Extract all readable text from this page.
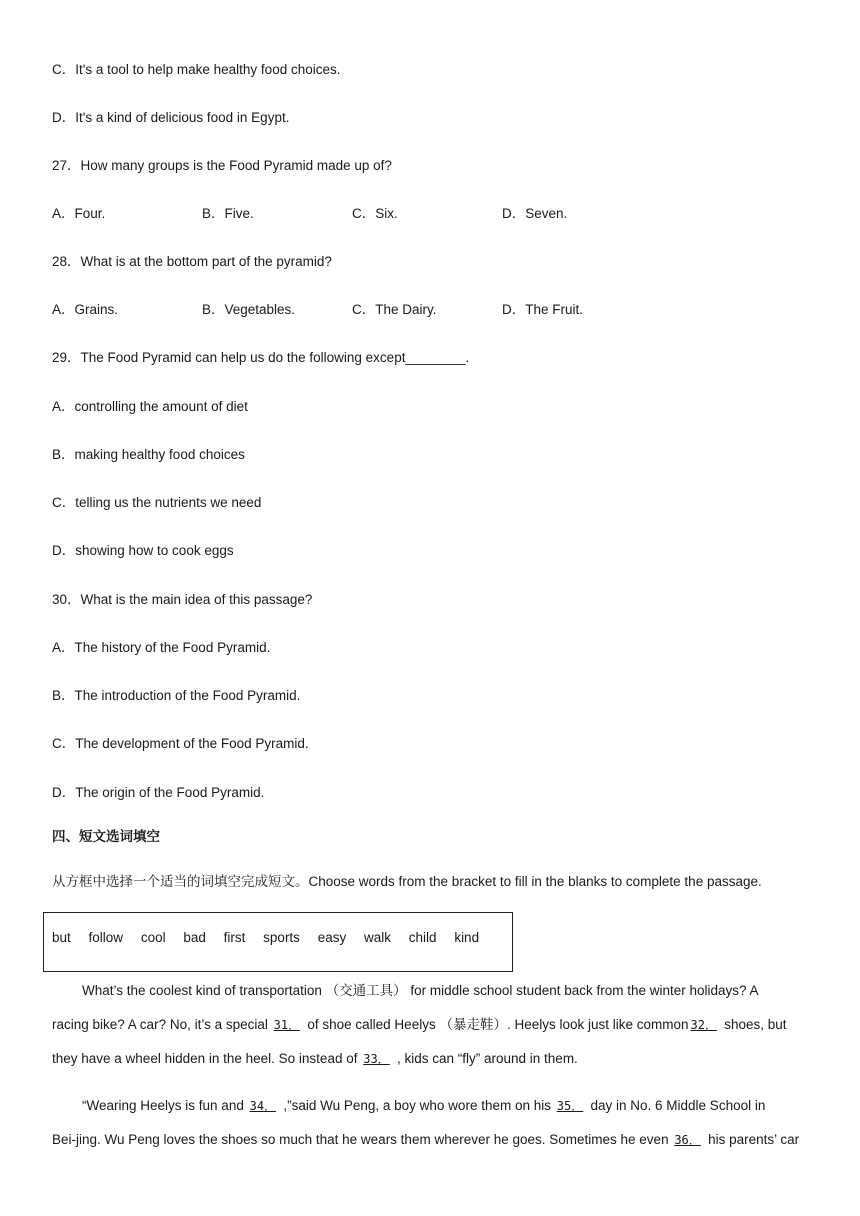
C．It's a tool to help make healthy food choices.
D．It's a kind of delicious food in Egypt.
27．How many groups is the Food Pyramid made up of?
A．Four.	B．Five.	C．Six.	D．Seven.
28．What is at the bottom part of the pyramid?
A．Grains.	B．Vegetables.	C．The Dairy.	D．The Fruit.
29．The Food Pyramid can help us do the following except________.
A．controlling the amount of diet
B．making healthy food choices
C．telling us the nutrients we need
D．showing how to cook eggs
30．What is the main idea of this passage?
A．The history of the Food Pyramid.
B．The introduction of the Food Pyramid.
C．The development of the Food Pyramid.
D．The origin of the Food Pyramid.
四、短文选词填空
从方框中选择一个适当的词填空完成短文。Choose words from the bracket to fill in the blanks to complete the passage.
but follow cool bad first sports easy walk child kind
What’s the coolest kind of transportation （交通工具） for middle school student back from the winter holidays? A
racing bike? A car? No, it’s a special 31． of shoe called Heelys （暴走鞋）. Heelys look just like common 32． shoes, but
they have a wheel hidden in the heel. So instead of 33． , kids can “fly” around in them.
“Wearing Heelys is fun and 34． ,”said Wu Peng, a boy who wore them on his 35． day in No. 6 Middle School in
Bei-jing. Wu Peng loves the shoes so much that he wears them wherever he goes. Sometimes he even 36． his parents’ car
